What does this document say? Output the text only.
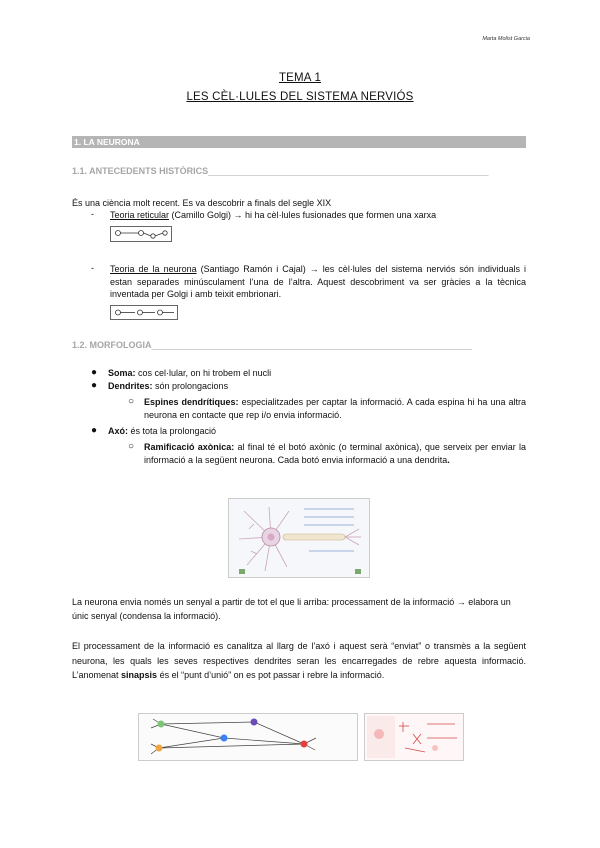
Marta Molist Garcia
TEMA 1
LES CÈL·LULES DEL SISTEMA NERVIÓS
1. LA NEURONA
1.1. ANTECEDENTS HISTÒRICS________________________________________________________
És una ciència molt recent. Es va descobrir a finals del segle XIX
- Teoria reticular (Camillo Golgi) → hi ha cèl·lules fusionades que formen una xarxa
- Teoria de la neurona (Santiago Ramón i Cajal) → les cèl·lules del sistema nerviós són individuals i estan separades minúsculament l’una de l’altra. Aquest descobriment va ser gràcies a la tècnica inventada per Golgi i amb teixit embrionari.
1.2. MORFOLOGIA________________________________________________________________
● Soma: cos cel·lular, on hi trobem el nucli
● Dendrites: són prolongacions
○ Espines dendrítiques: especialitzades per captar la informació. A cada espina hi ha una altra neurona en contacte que rep i/o envia informació.
● Axó: és tota la prolongació
○ Ramificació axònica: al final té el botó axònic (o terminal axònica), que serveix per enviar la informació a la següent neurona. Cada botó envia informació a una dendrita.
La neurona envia només un senyal a partir de tot el que li arriba: processament de la informació → elabora un únic senyal (condensa la informació).
El processament de la informació es canalitza al llarg de l’axó i aquest serà “enviat” o transmès a la següent neurona, les quals les seves respectives dendrites seran les encarregades de rebre aquesta informació. L’anomenat sinapsis és el “punt d’unió” on es pot passar i rebre la informació.
